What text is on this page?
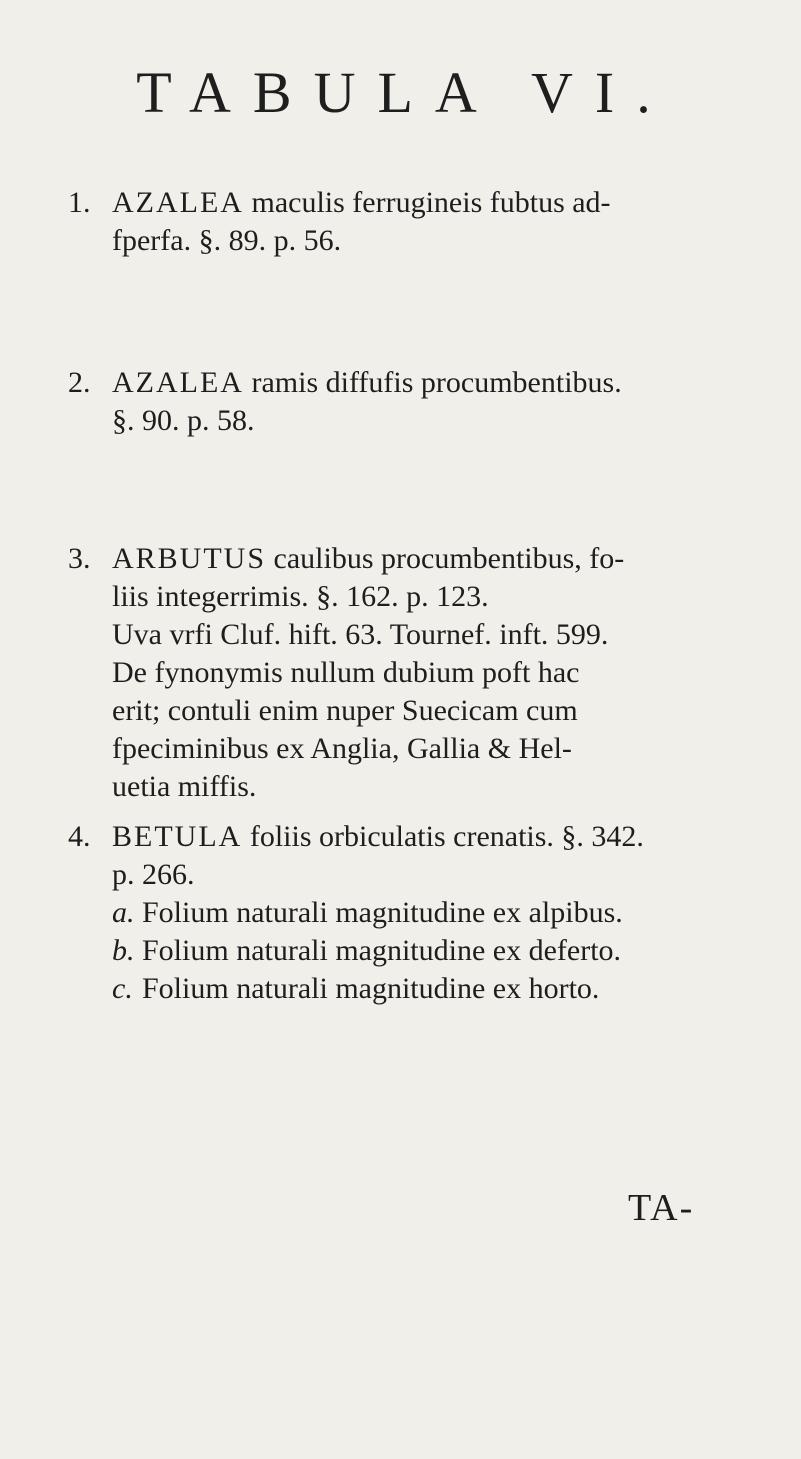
TABULA VI.
1. AZALEA maculis ferrugineis fubtus ad-
fperfa. §. 89. p. 56.
2. AZALEA ramis diffufis procumbentibus.
§. 90. p. 58.
3. ARBUTUS caulibus procumbentibus, fo-
liis integerrimis. §. 162. p. 123.
Uva vrfi Cluf. hift. 63. Tournef. inft. 599.
De fynonymis nullum dubium poft hac
erit; contuli enim nuper Suecicam cum
fpeciminibus ex Anglia, Gallia & Hel-
uetia miffis.
4. BETULA foliis orbiculatis crenatis. §. 342.
p. 266.
a. Folium naturali magnitudine ex alpibus.
b. Folium naturali magnitudine ex deferto.
c. Folium naturali magnitudine ex horto.
TA-
